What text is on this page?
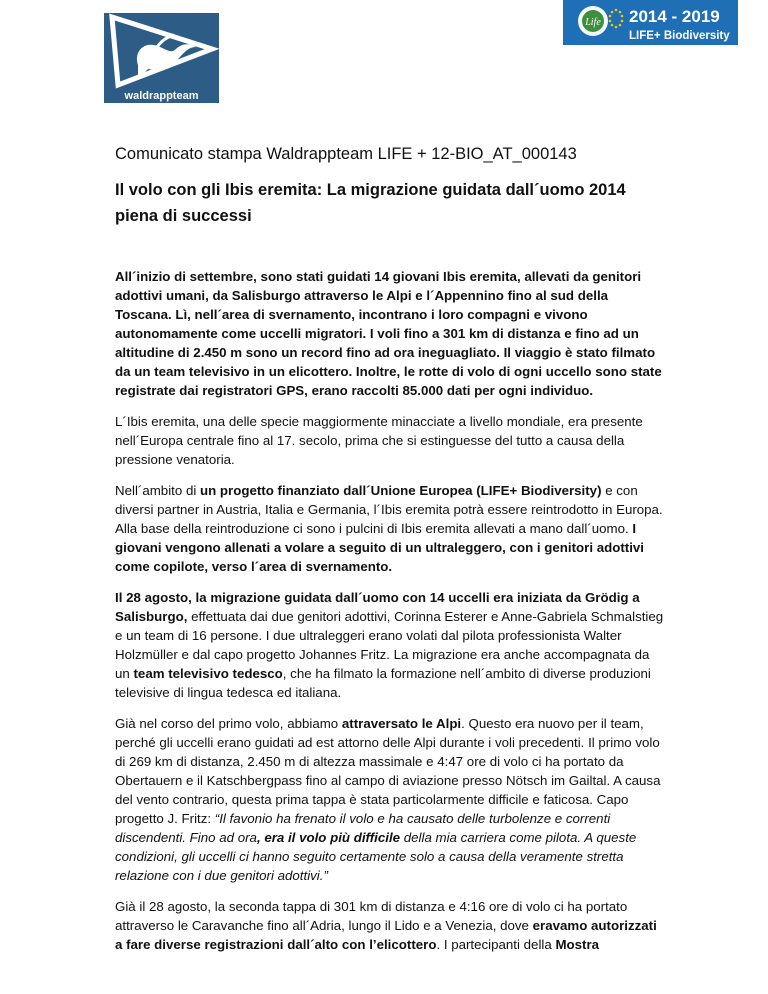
waldrappteam
Life 2014 - 2019
LIFE+ Biodiversity

Comunicato stampa Waldrappteam LIFE + 12-BIO_AT_000143

Il volo con gli Ibis eremita: La migrazione guidata dall´uomo 2014 piena di successi

All´inizio di settembre, sono stati guidati 14 giovani Ibis eremita, allevati da genitori adottivi umani, da Salisburgo attraverso le Alpi e l´Appennino fino al sud della Toscana. Lì, nell´area di svernamento, incontrano i loro compagni e vivono autonomamente come uccelli migratori. I voli fino a 301 km di distanza e fino ad un altitudine di 2.450 m sono un record fino ad ora ineguagliato. Il viaggio è stato filmato da un team televisivo in un elicottero. Inoltre, le rotte di volo di ogni uccello sono state registrate dai registratori GPS, erano raccolti 85.000 dati per ogni individuo.

L´Ibis eremita, una delle specie maggiormente minacciate a livello mondiale, era presente nell´Europa centrale fino al 17. secolo, prima che si estinguesse del tutto a causa della pressione venatoria.

Nell´ambito di un progetto finanziato dall´Unione Europea (LIFE+ Biodiversity) e con diversi partner in Austria, Italia e Germania, l´Ibis eremita potrà essere reintrodotto in Europa. Alla base della reintroduzione ci sono i pulcini di Ibis eremita allevati a mano dall´uomo. I giovani vengono allenati a volare a seguito di un ultraleggero, con i genitori adottivi come copilote, verso l´area di svernamento.

Il 28 agosto, la migrazione guidata dall´uomo con 14 uccelli era iniziata da Grödig a Salisburgo, effettuata dai due genitori adottivi, Corinna Esterer e Anne-Gabriela Schmalstieg e un team di 16 persone. I due ultraleggeri erano volati dal pilota professionista Walter Holzmüller e dal capo progetto Johannes Fritz. La migrazione era anche accompagnata da un team televisivo tedesco, che ha filmato la formazione nell´ambito di diverse produzioni televisive di lingua tedesca ed italiana.

Già nel corso del primo volo, abbiamo attraversato le Alpi. Questo era nuovo per il team, perché gli uccelli erano guidati ad est attorno delle Alpi durante i voli precedenti. Il primo volo di 269 km di distanza, 2.450 m di altezza massimale e 4:47 ore di volo ci ha portato da Obertauern e il Katschbergpass fino al campo di aviazione presso Nötsch im Gailtal. A causa del vento contrario, questa prima tappa è stata particolarmente difficile e faticosa. Capo progetto J. Fritz: “Il favonio ha frenato il volo e ha causato delle turbolenze e correnti discendenti. Fino ad ora, era il volo più difficile della mia carriera come pilota. A queste condizioni, gli uccelli ci hanno seguito certamente solo a causa della veramente stretta relazione con i due genitori adottivi.”

Già il 28 agosto, la seconda tappa di 301 km di distanza e 4:16 ore di volo ci ha portato attraverso le Caravanche fino all´Adria, lungo il Lido e a Venezia, dove eravamo autorizzati a fare diverse registrazioni dall´alto con l’elicottero. I partecipanti della Mostra
